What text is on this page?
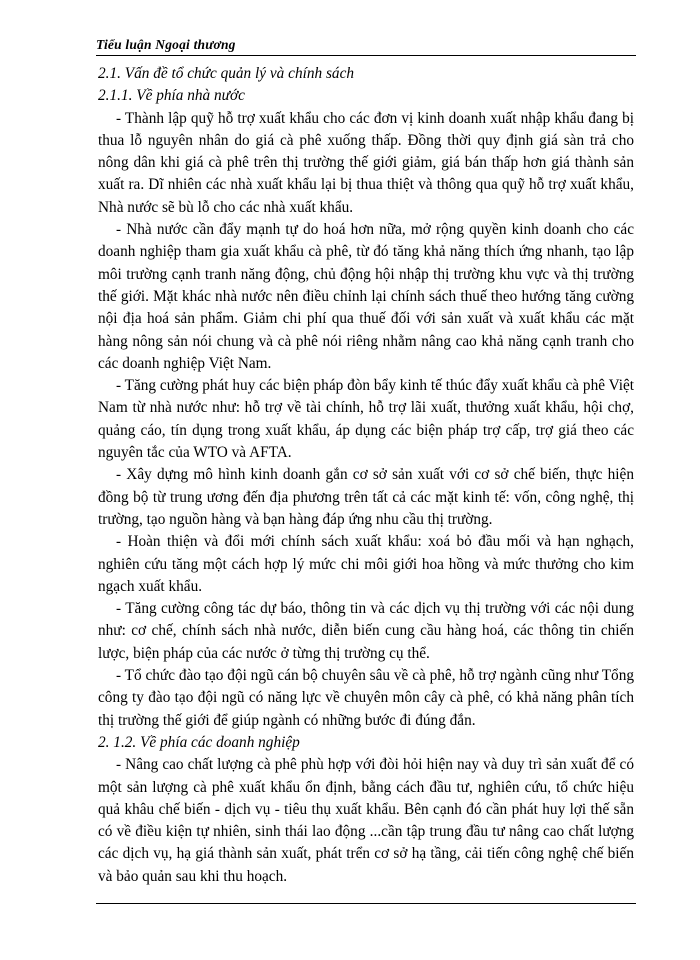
Tiểu luận Ngoại thương

2.1. Vấn đề tổ chức quản lý và chính sách

2.1.1. Về phía nhà nước

- Thành lập quỹ hỗ trợ xuất khẩu cho các đơn vị kinh doanh xuất nhập khẩu đang bị thua lỗ nguyên nhân do giá cà phê xuống thấp. Đồng thời quy định giá sàn trả cho nông dân khi giá cà phê trên thị trường thế giới giảm, giá bán thấp hơn giá thành sản xuất ra. Dĩ nhiên các nhà xuất khẩu lại bị thua thiệt và thông qua quỹ hỗ trợ xuất khẩu, Nhà nước sẽ bù lỗ cho các nhà xuất khẩu.

- Nhà nước cần đẩy mạnh tự do hoá hơn nữa, mở rộng quyền kinh doanh cho các doanh nghiệp tham gia xuất khẩu cà phê, từ đó tăng khả năng thích ứng nhanh, tạo lập môi trường cạnh tranh năng động, chủ động hội nhập thị trường khu vực và thị trường thế giới. Mặt khác nhà nước nên điều chỉnh lại chính sách thuế theo hướng tăng cường nội địa hoá sản phẩm. Giảm chi phí qua thuế đối với sản xuất và xuất khẩu các mặt hàng nông sản nói chung và cà phê nói riêng nhằm nâng cao khả năng cạnh tranh cho các doanh nghiệp Việt Nam.

- Tăng cường phát huy các biện pháp đòn bẩy kinh tế thúc đẩy xuất khẩu cà phê Việt Nam từ nhà nước như: hỗ trợ về tài chính, hỗ trợ lãi xuất, thưởng xuất khẩu, hội chợ, quảng cáo, tín dụng trong xuất khẩu, áp dụng các biện pháp trợ cấp, trợ giá theo các nguyên tắc của WTO và AFTA.

- Xây dựng mô hình kinh doanh gắn cơ sở sản xuất với cơ sở chế biến, thực hiện đồng bộ từ trung ương đến địa phương trên tất cả các mặt kinh tế: vốn, công nghệ, thị trường, tạo nguồn hàng và bạn hàng đáp ứng nhu cầu thị trường.

- Hoàn thiện và đổi mới chính sách xuất khẩu: xoá bỏ đầu mối và hạn nghạch, nghiên cứu tăng một cách hợp lý mức chi môi giới hoa hồng và mức thưởng cho kim ngạch xuất khẩu.

- Tăng cường công tác dự báo, thông tin và các dịch vụ thị trường với các nội dung như: cơ chế, chính sách nhà nước, diễn biến cung cầu hàng hoá, các thông tin chiến lược, biện pháp của các nước ở từng thị trường cụ thể.

- Tổ chức đào tạo đội ngũ cán bộ chuyên sâu về cà phê, hỗ trợ ngành cũng như Tổng công ty đào tạo đội ngũ có năng lực về chuyên môn cây cà phê, có khả năng phân tích thị trường thế giới để giúp ngành có những bước đi đúng đắn.

2. 1.2. Về phía các doanh nghiệp

- Nâng cao chất lượng cà phê phù hợp với đòi hỏi hiện nay và duy trì sản xuất để có một sản lượng cà phê xuất khẩu ổn định, bằng cách đầu tư, nghiên cứu, tổ chức hiệu quả khâu chế biến - dịch vụ - tiêu thụ xuất khẩu. Bên cạnh đó cần phát huy lợi thế sẵn có về điều kiện tự nhiên, sinh thái lao động ...cần tập trung đầu tư nâng cao chất lượng các dịch vụ, hạ giá thành sản xuất, phát trển cơ sở hạ tầng, cải tiến công nghệ chế biến và bảo quản sau khi thu hoạch.
